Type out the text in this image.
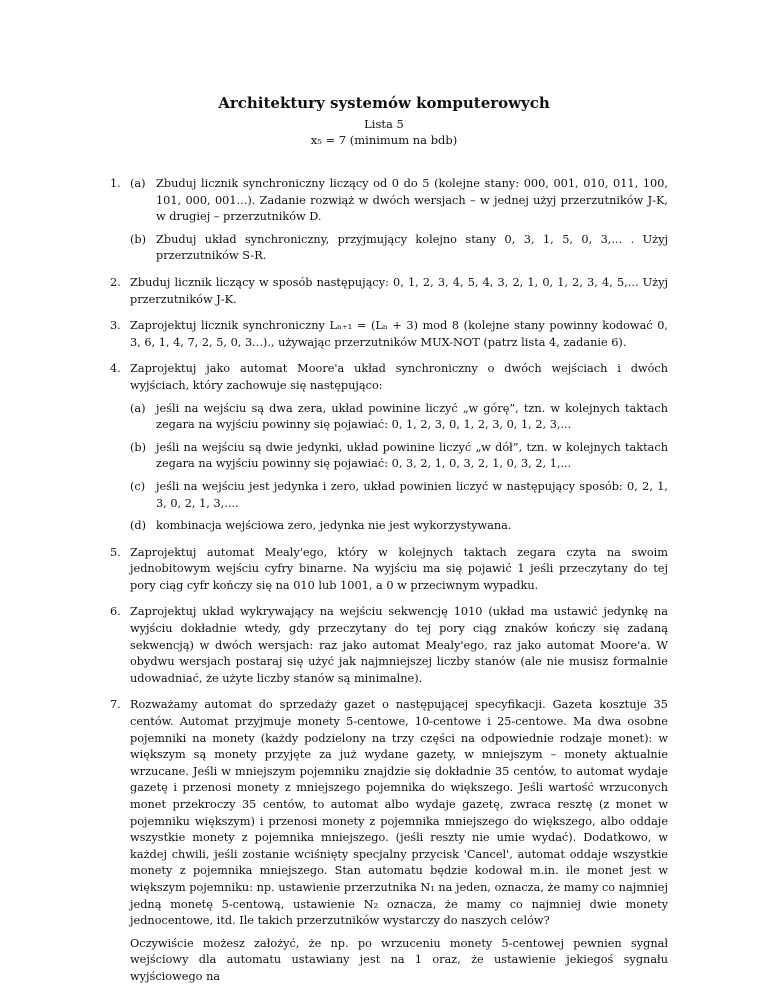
Architektury systemów komputerowych
Lista 5
x₅ = 7 (minimum na bdb)
1. (a) Zbuduj licznik synchroniczny liczący od 0 do 5 (kolejne stany: 000, 001, 010, 011, 100, 101, 000, 001...). Zadanie rozwiąż w dwóch wersjach – w jednej użyj przerzutników J-K, w drugiej – przerzutników D.
(b) Zbuduj układ synchroniczny, przyjmujący kolejno stany 0, 3, 1, 5, 0, 3,... . Użyj przerzutników S-R.
2. Zbuduj licznik liczący w sposób następujący: 0, 1, 2, 3, 4, 5, 4, 3, 2, 1, 0, 1, 2, 3, 4, 5,... Użyj przerzutników J-K.
3. Zaprojektuj licznik synchroniczny Lₙ₊₁ = (Lₙ + 3) mod 8 (kolejne stany powinny kodować 0, 3, 6, 1, 4, 7, 2, 5, 0, 3...)., używając przerzutników MUX-NOT (patrz lista 4, zadanie 6).
4. Zaprojektuj jako automat Moore'a układ synchroniczny o dwóch wejściach i dwóch wyjściach, który zachowuje się następująco:
(a) jeśli na wejściu są dwa zera, układ powinine liczyć „w górę”, tzn. w kolejnych taktach zegara na wyjściu powinny się pojawiać: 0, 1, 2, 3, 0, 1, 2, 3, 0, 1, 2, 3,...
(b) jeśli na wejściu są dwie jedynki, układ powinine liczyć „w dół”, tzn. w kolejnych taktach zegara na wyjściu powinny się pojawiać: 0, 3, 2, 1, 0, 3, 2, 1, 0, 3, 2, 1,...
(c) jeśli na wejściu jest jedynka i zero, układ powinien liczyć w następujący sposób: 0, 2, 1, 3, 0, 2, 1, 3,....
(d) kombinacja wejściowa zero, jedynka nie jest wykorzystywana.
5. Zaprojektuj automat Mealy'ego, który w kolejnych taktach zegara czyta na swoim jednobitowym wejściu cyfry binarne. Na wyjściu ma się pojawić 1 jeśli przeczytany do tej pory ciąg cyfr kończy się na 010 lub 1001, a 0 w przeciwnym wypadku.
6. Zaprojektuj układ wykrywający na wejściu sekwencję 1010 (układ ma ustawić jedynkę na wyjściu dokładnie wtedy, gdy przeczytany do tej pory ciąg znaków kończy się zadaną sekwencją) w dwóch wersjach: raz jako automat Mealy'ego, raz jako automat Moore'a. W obydwu wersjach postaraj się użyć jak najmniejszej liczby stanów (ale nie musisz formalnie udowadniać, że użyte liczby stanów są minimalne).
7. Rozważamy automat do sprzedaży gazet o następującej specyfikacji. Gazeta kosztuje 35 centów. Automat przyjmuje monety 5-centowe, 10-centowe i 25-centowe. Ma dwa osobne pojemniki na monety (każdy podzielony na trzy części na odpowiednie rodzaje monet): w większym są monety przyjęte za już wydane gazety, w mniejszym – monety aktualnie wrzucane. Jeśli w mniejszym pojemniku znajdzie się dokładnie 35 centów, to automat wydaje gazetę i przenosi monety z mniejszego pojemnika do większego. Jeśli wartość wrzuconych monet przekroczy 35 centów, to automat albo wydaje gazetę, zwraca resztę (z monet w pojemniku większym) i przenosi monety z pojemnika mniejszego do większego, albo oddaje wszystkie monety z pojemnika mniejszego. (jeśli reszty nie umie wydać). Dodatkowo, w każdej chwili, jeśli zostanie wciśnięty specjalny przycisk 'Cancel', automat oddaje wszystkie monety z pojemnika mniejszego. Stan automatu będzie kodował m.in. ile monet jest w większym pojemniku: np. ustawienie przerzutnika N₁ na jeden, oznacza, że mamy co najmniej jedną monetę 5-centową, ustawienie N₂ oznacza, że mamy co najmniej dwie monety jednocentowe, itd. Ile takich przerzutników wystarczy do naszych celów?
Oczywiście możesz założyć, że np. po wrzuceniu monety 5-centowej pewnien sygnał wejściowy dla automatu ustawiany jest na 1 oraz, że ustawienie jekiegoś sygnału wyjściowego na
